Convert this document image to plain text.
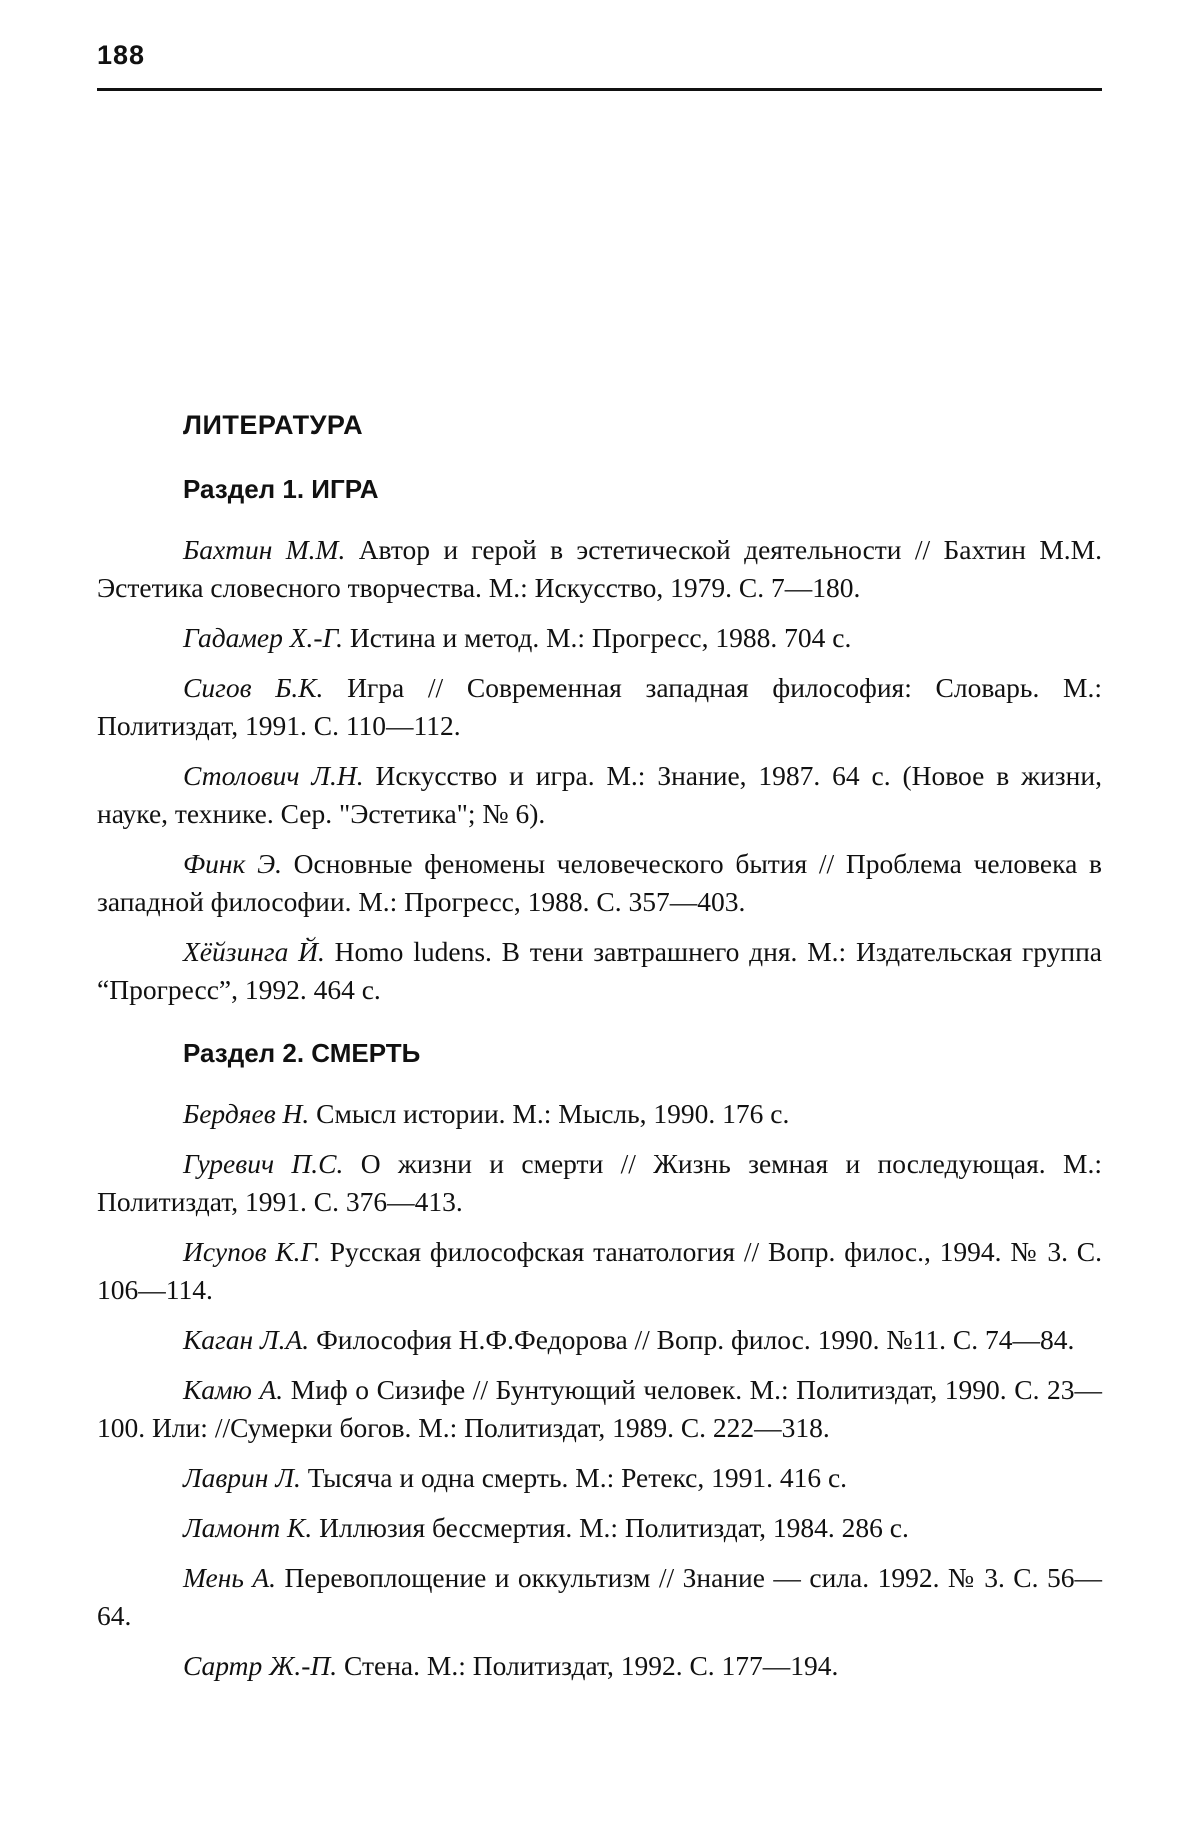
188
ЛИТЕРАТУРА
Раздел 1. ИГРА

Бахтин М.М. Автор и герой в эстетической деятельности // Бахтин М.М. Эстетика словесного творчества. М.: Искусство, 1979. С. 7—180.

Гадамер Х.-Г. Истина и метод. М.: Прогресс, 1988. 704 с.

Сигов Б.К. Игра // Современная западная философия: Словарь. М.: Политиздат, 1991. С. 110—112.

Столович Л.Н. Искусство и игра. М.: Знание, 1987. 64 с. (Новое в жизни, науке, технике. Сер. "Эстетика"; № 6).

Финк Э. Основные феномены человеческого бытия // Проблема человека в западной философии. М.: Прогресс, 1988. С. 357—403.

Хёйзинга Й. Homo ludens. В тени завтрашнего дня. М.: Издательская группа “Прогресс”, 1992. 464 с.

Раздел 2. СМЕРТЬ

Бердяев Н. Смысл истории. М.: Мысль, 1990. 176 с.

Гуревич П.С. О жизни и смерти // Жизнь земная и последующая. М.: Политиздат, 1991. С. 376—413.

Исупов К.Г. Русская философская танатология // Вопр. филос., 1994. № 3. С. 106—114.

Каган Л.А. Философия Н.Ф.Федорова // Вопр. филос. 1990. №11. С. 74—84.

Камю А. Миф о Сизифе // Бунтующий человек. М.: Политиздат, 1990. С. 23—100. Или: //Сумерки богов. М.: Политиздат, 1989. С. 222—318.

Лаврин Л. Тысяча и одна смерть. М.: Ретекс, 1991. 416 с.

Ламонт К. Иллюзия бессмертия. М.: Политиздат, 1984. 286 с.

Мень А. Перевоплощение и оккультизм // Знание — сила. 1992. № 3. С. 56—64.

Сартр Ж.-П. Стена. М.: Политиздат, 1992. С. 177—194.
